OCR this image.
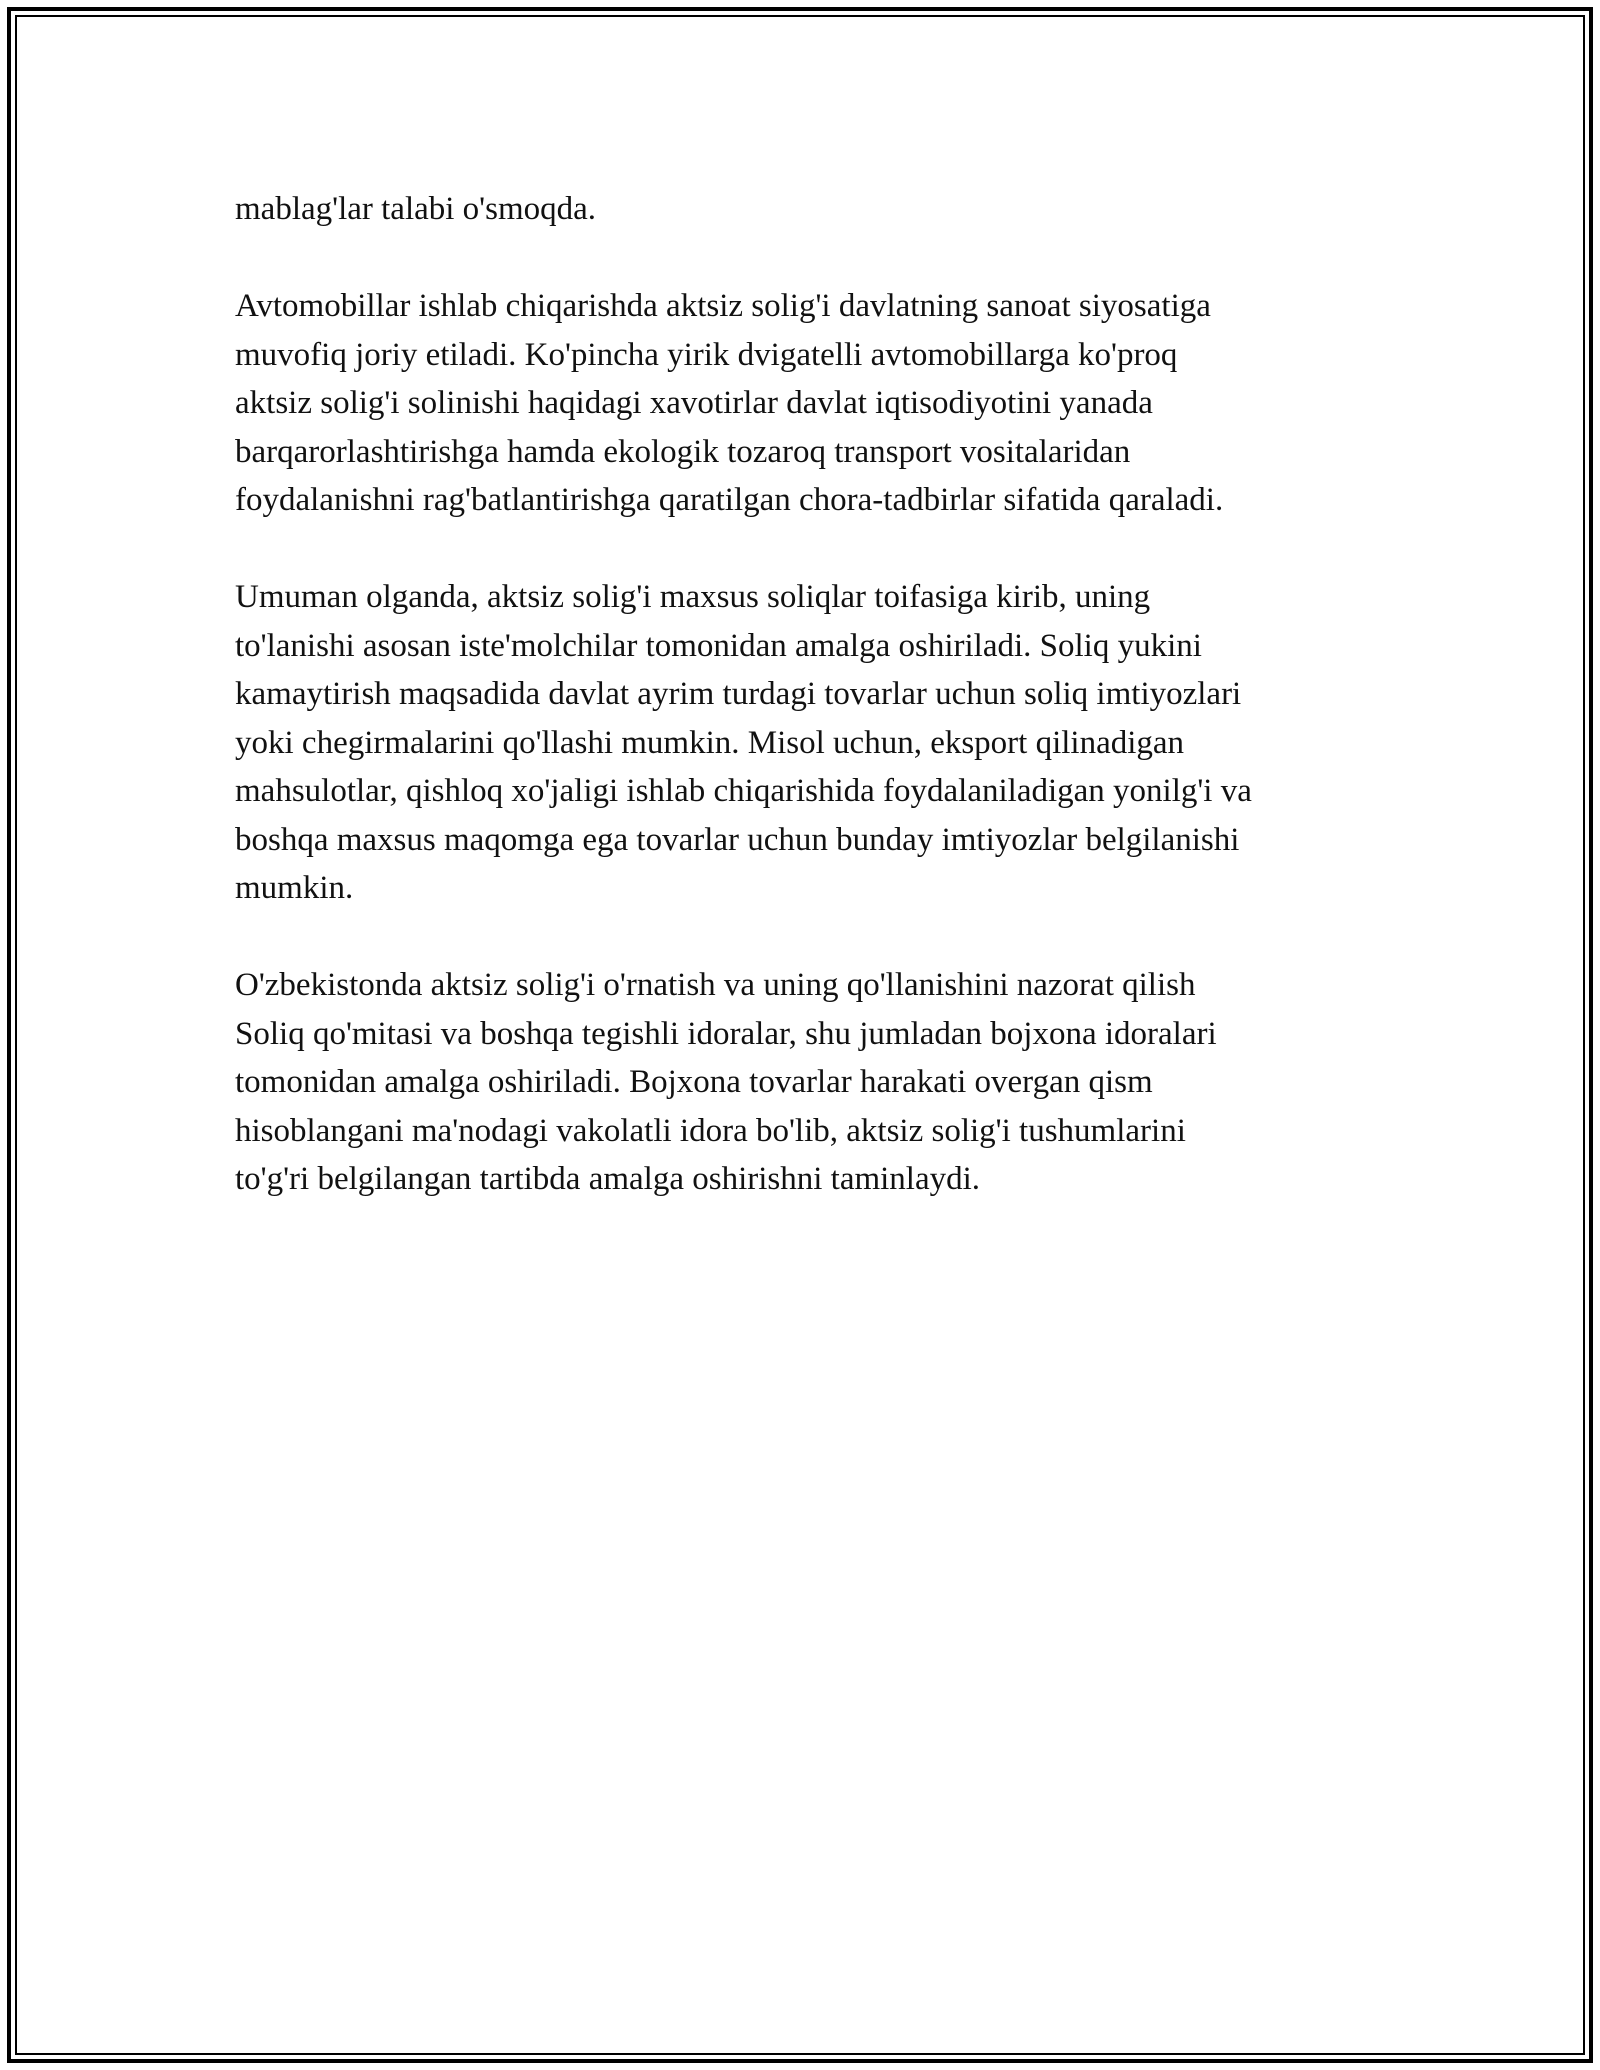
mablag'lar talabi o'smoqda.

Avtomobillar ishlab chiqarishda aktsiz solig'i davlatning sanoat siyosatiga
muvofiq joriy etiladi. Ko'pincha yirik dvigatelli avtomobillarga ko'proq
aktsiz solig'i solinishi haqidagi xavotirlar davlat iqtisodiyotini yanada
barqarorlashtirishga hamda ekologik tozaroq transport vositalaridan
foydalanishni rag'batlantirishga qaratilgan chora-tadbirlar sifatida qaraladi.

Umuman olganda, aktsiz solig'i maxsus soliqlar toifasiga kirib, uning
to'lanishi asosan iste'molchilar tomonidan amalga oshiriladi. Soliq yukini
kamaytirish maqsadida davlat ayrim turdagi tovarlar uchun soliq imtiyozlari
yoki chegirmalarini qo'llashi mumkin. Misol uchun, eksport qilinadigan
mahsulotlar, qishloq xo'jaligi ishlab chiqarishida foydalaniladigan yonilg'i va
boshqa maxsus maqomga ega tovarlar uchun bunday imtiyozlar belgilanishi
mumkin.

O'zbekistonda aktsiz solig'i o'rnatish va uning qo'llanishini nazorat qilish
Soliq qo'mitasi va boshqa tegishli idoralar, shu jumladan bojxona idoralari
tomonidan amalga oshiriladi. Bojxona tovarlar harakati overgan qism
hisoblangani ma'nodagi vakolatli idora bo'lib, aktsiz solig'i tushumlarini
to'g'ri belgilangan tartibda amalga oshirishni taminlaydi.
